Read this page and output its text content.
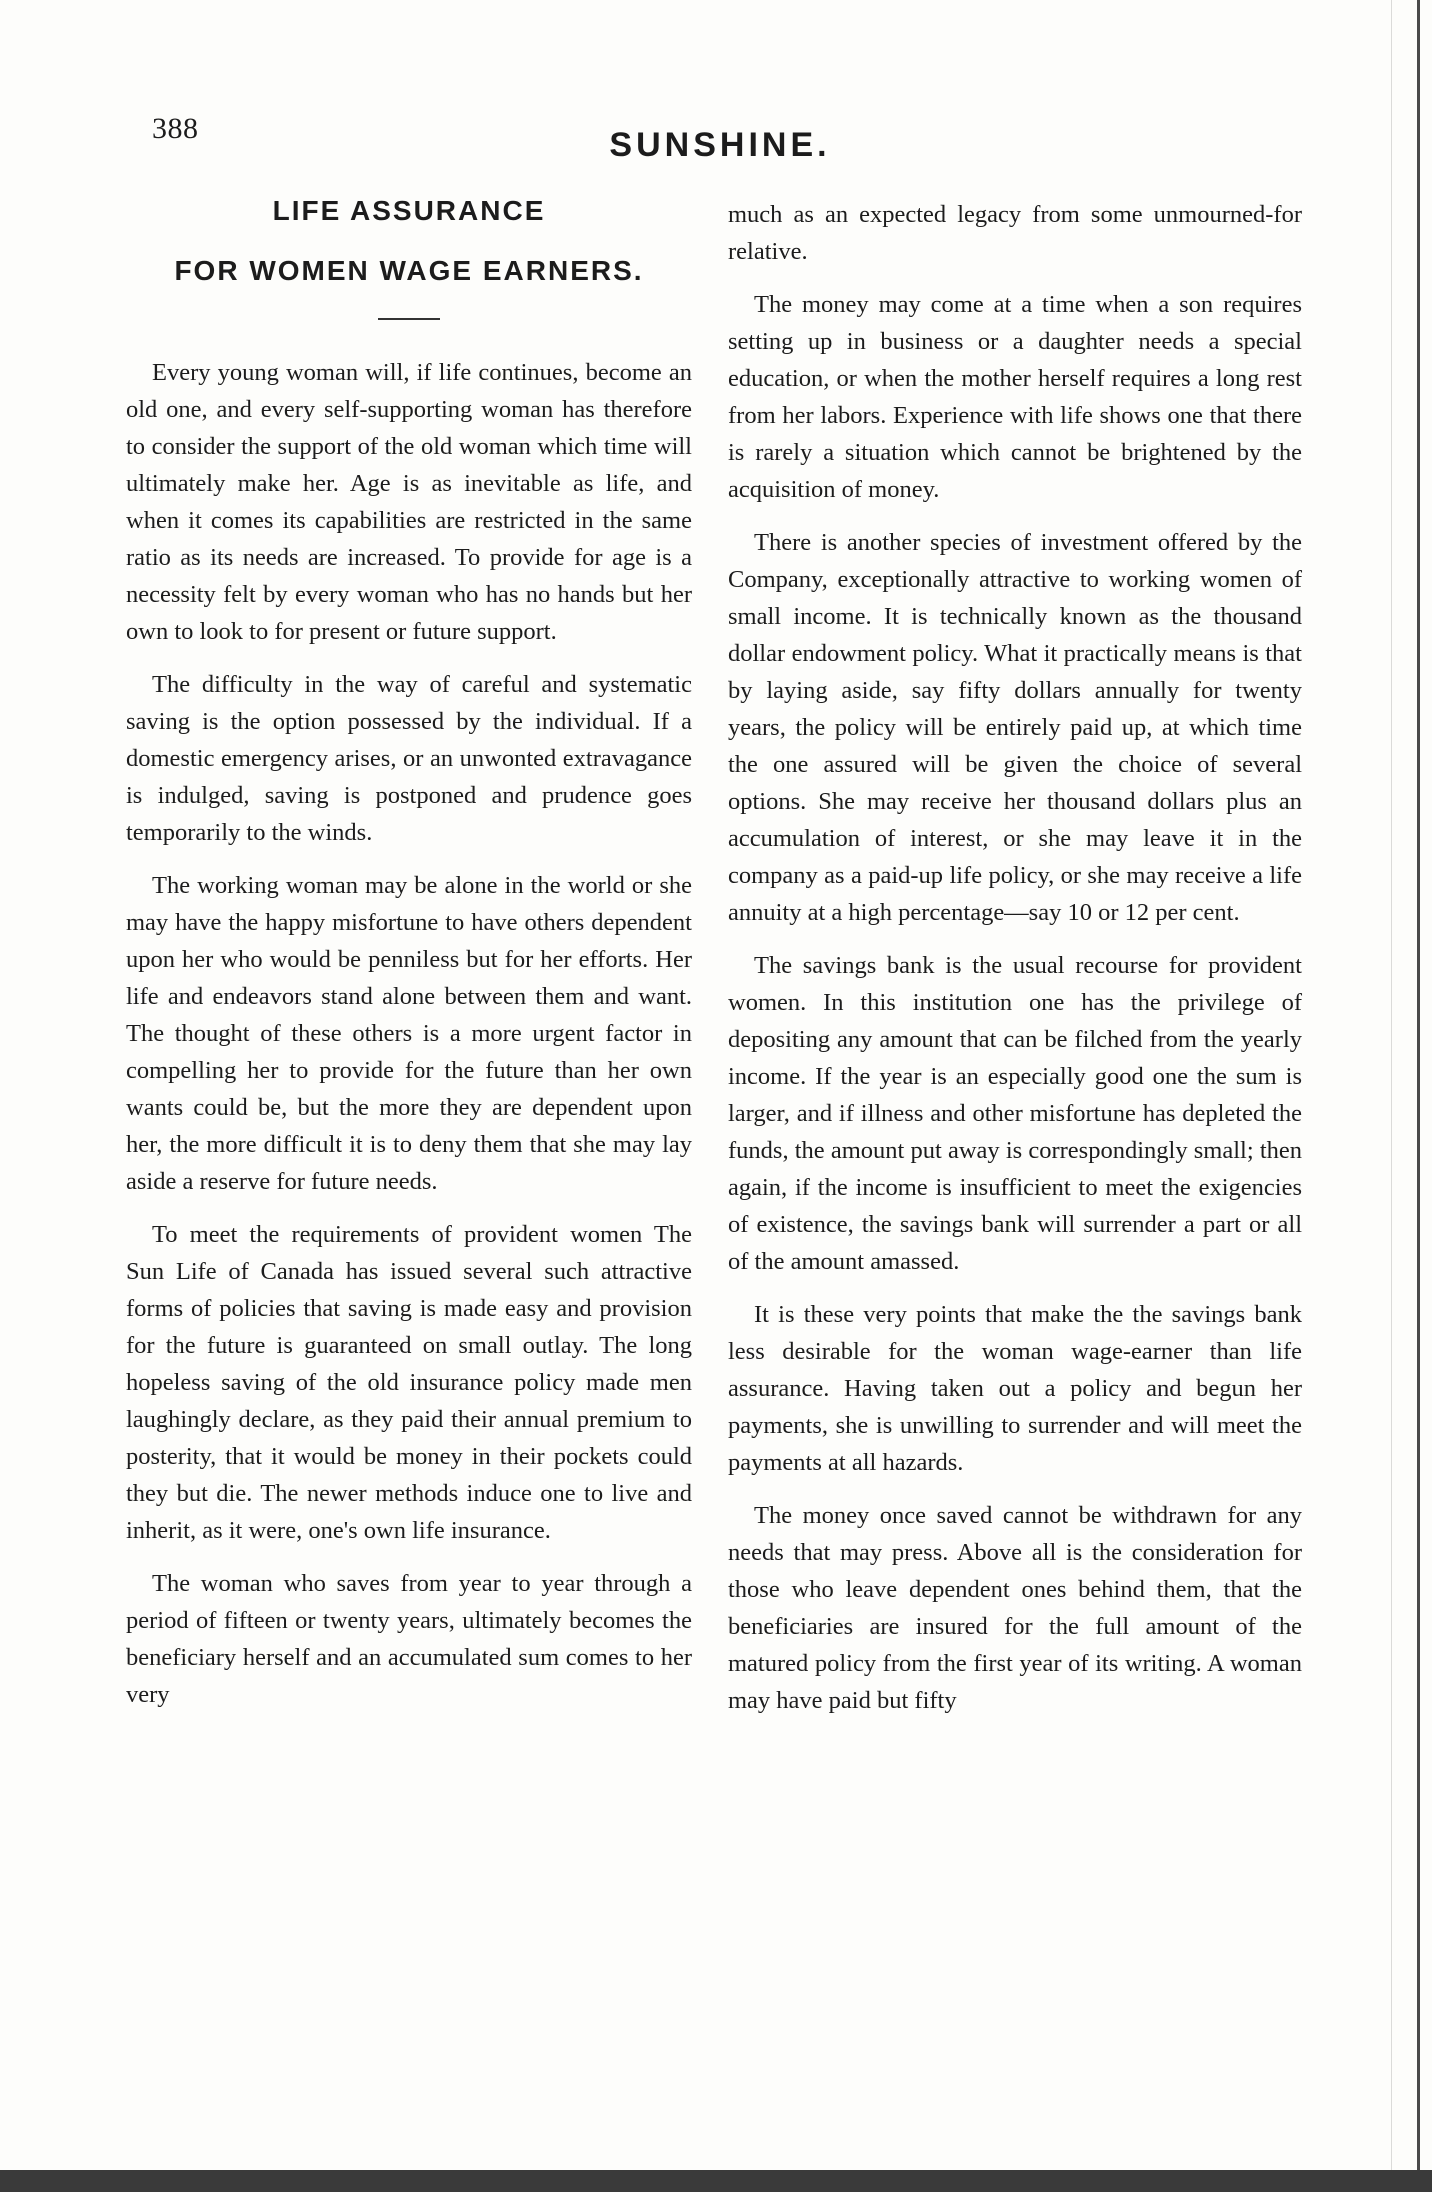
388	SUNSHINE.
LIFE ASSURANCE
FOR WOMEN WAGE EARNERS.

Every young woman will, if life continues, become an old one, and every self-supporting woman has therefore to consider the support of the old woman which time will ultimately make her. Age is as inevitable as life, and when it comes its capabilities are restricted in the same ratio as its needs are increased. To provide for age is a necessity felt by every woman who has no hands but her own to look to for present or future support.

The difficulty in the way of careful and systematic saving is the option possessed by the individual. If a domestic emergency arises, or an unwonted extravagance is indulged, saving is postponed and prudence goes temporarily to the winds.

The working woman may be alone in the world or she may have the happy misfortune to have others dependent upon her who would be penniless but for her efforts. Her life and endeavors stand alone between them and want. The thought of these others is a more urgent factor in compelling her to provide for the future than her own wants could be, but the more they are dependent upon her, the more difficult it is to deny them that she may lay aside a reserve for future needs.

To meet the requirements of provident women The Sun Life of Canada has issued several such attractive forms of policies that saving is made easy and provision for the future is guaranteed on small outlay. The long hopeless saving of the old insurance policy made men laughingly declare, as they paid their annual premium to posterity, that it would be money in their pockets could they but die. The newer methods induce one to live and inherit, as it were, one's own life insurance.

The woman who saves from year to year through a period of fifteen or twenty years, ultimately becomes the beneficiary herself and an accumulated sum comes to her very

much as an expected legacy from some unmourned-for relative.

The money may come at a time when a son requires setting up in business or a daughter needs a special education, or when the mother herself requires a long rest from her labors. Experience with life shows one that there is rarely a situation which cannot be brightened by the acquisition of money.

There is another species of investment offered by the Company, exceptionally attractive to working women of small income. It is technically known as the thousand dollar endowment policy. What it practically means is that by laying aside, say fifty dollars annually for twenty years, the policy will be entirely paid up, at which time the one assured will be given the choice of several options. She may receive her thousand dollars plus an accumulation of interest, or she may leave it in the company as a paid-up life policy, or she may receive a life annuity at a high percentage—say 10 or 12 per cent.

The savings bank is the usual recourse for provident women. In this institution one has the privilege of depositing any amount that can be filched from the yearly income. If the year is an especially good one the sum is larger, and if illness and other misfortune has depleted the funds, the amount put away is correspondingly small; then again, if the income is insufficient to meet the exigencies of existence, the savings bank will surrender a part or all of the amount amassed.

It is these very points that make the the savings bank less desirable for the woman wage-earner than life assurance. Having taken out a policy and begun her payments, she is unwilling to surrender and will meet the payments at all hazards.

The money once saved cannot be withdrawn for any needs that may press. Above all is the consideration for those who leave dependent ones behind them, that the beneficiaries are insured for the full amount of the matured policy from the first year of its writing. A woman may have paid but fifty
